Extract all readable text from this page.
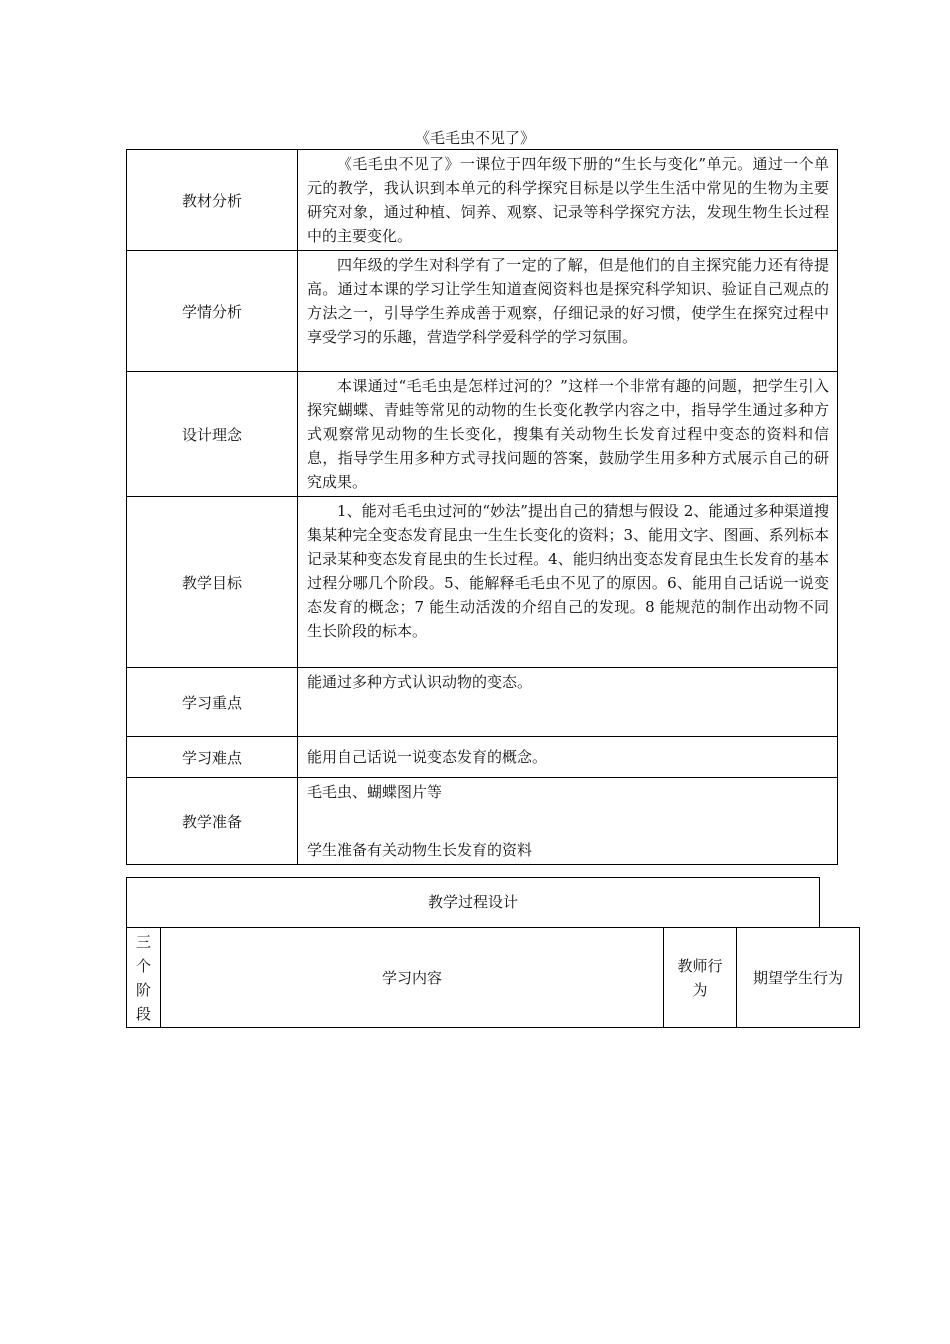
《毛毛虫不见了》
教材分析	《毛毛虫不见了》一课位于四年级下册的“生长与变化”单元。通过一个单元的教学，我认识到本单元的科学探究目标是以学生生活中常见的生物为主要研究对象，通过种植、饲养、观察、记录等科学探究方法，发现生物生长过程中的主要变化。

学情分析	四年级的学生对科学有了一定的了解，但是他们的自主探究能力还有待提高。通过本课的学习让学生知道查阅资料也是探究科学知识、验证自己观点的方法之一，引导学生养成善于观察，仔细记录的好习惯，使学生在探究过程中享受学习的乐趣，营造学科学爱科学的学习氛围。

设计理念	本课通过“毛毛虫是怎样过河的？”这样一个非常有趣的问题，把学生引入探究蝴蝶、青蛙等常见的动物的生长变化教学内容之中，指导学生通过多种方式观察常见动物的生长变化，搜集有关动物生长发育过程中变态的资料和信息，指导学生用多种方式寻找问题的答案，鼓励学生用多种方式展示自己的研究成果。

教学目标	1、能对毛毛虫过河的“妙法”提出自己的猜想与假设 2、能通过多种渠道搜集某种完全变态发育昆虫一生生长变化的资料；3、能用文字、图画、系列标本记录某种变态发育昆虫的生长过程。4、能归纳出变态发育昆虫生长发育的基本过程分哪几个阶段。5、能解释毛毛虫不见了的原因。6、能用自己话说一说变态发育的概念；7 能生动活泼的介绍自己的发现。8 能规范的制作出动物不同生长阶段的标本。

学习重点	能通过多种方式认识动物的变态。
学习难点	能用自己话说一说变态发育的概念。
教学准备	毛毛虫、蝴蝶图片等
学生准备有关动物生长发育的资料
教学过程设计
三个阶段	学习内容	教师行为	期望学生行为
